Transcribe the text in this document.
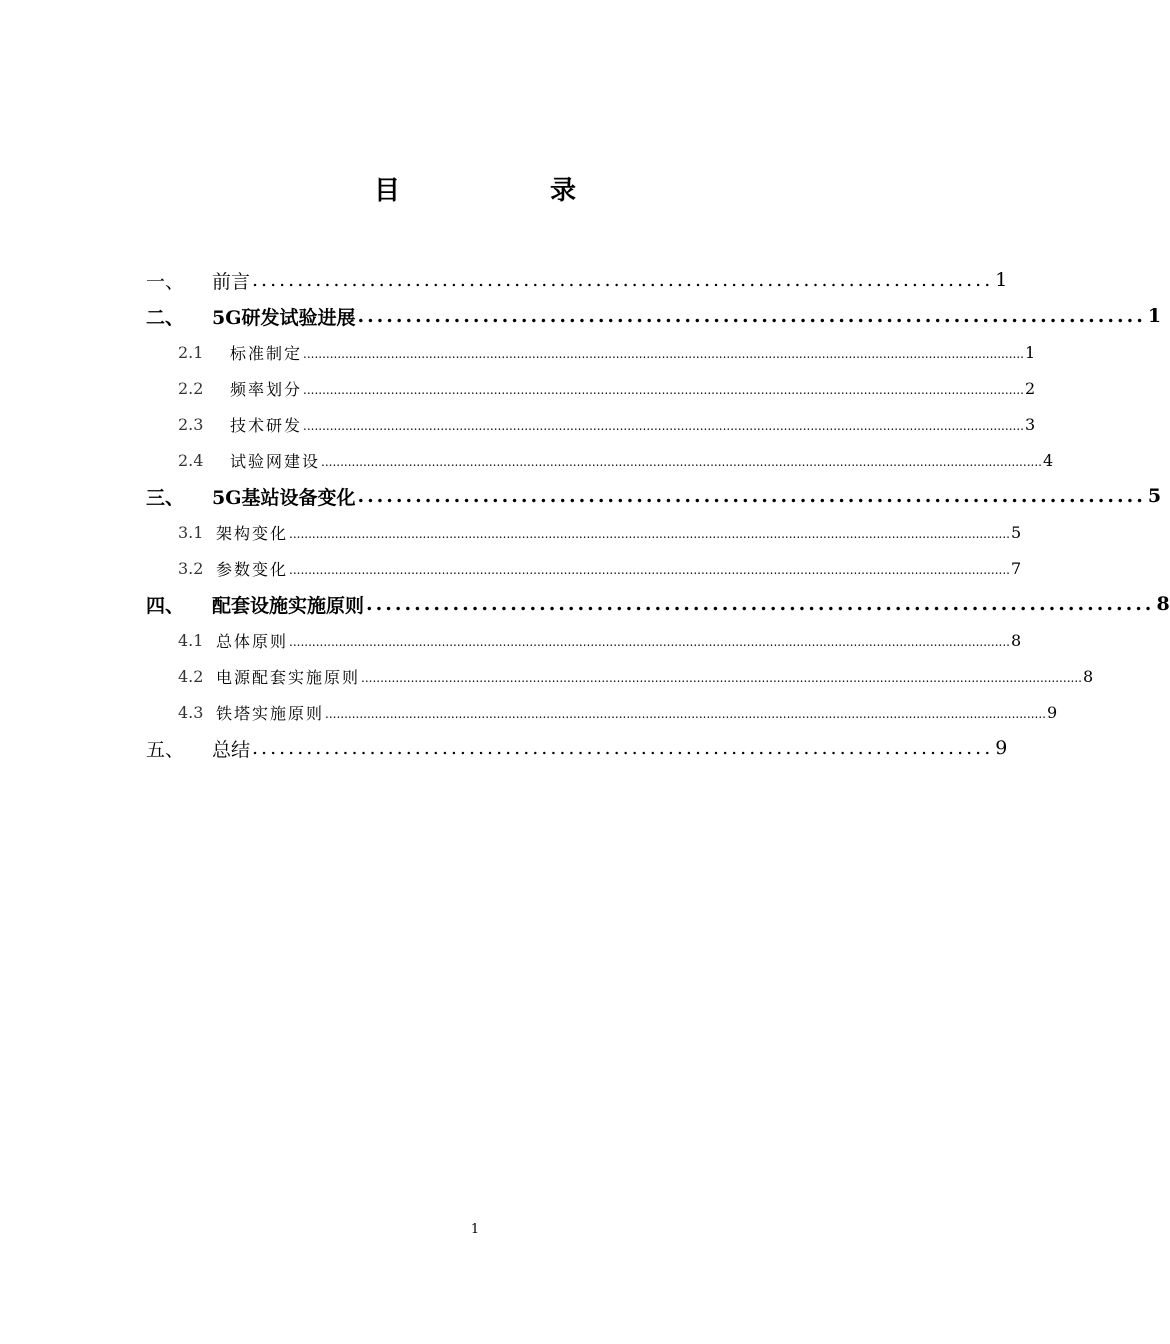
目　录
一、	前言 .................................................................................. 1
二、	5G研发试验进展 .................................................................................. 1
2.1	标准制定 ............................................................................................................................................................................................. 1
2.2	频率划分 ............................................................................................................................................................................................. 2
2.3	技术研发 ............................................................................................................................................................................................. 3
2.4	试验网建设 ............................................................................................................................................................................................. 4
三、	5G基站设备变化 .................................................................................. 5
3.1 架构变化 ............................................................................................................................................................................................. 5
3.2 参数变化 ............................................................................................................................................................................................. 7
四、	配套设施实施原则 .................................................................................. 8
4.1 总体原则 ............................................................................................................................................................................................. 8
4.2 电源配套实施原则 ............................................................................................................................................................................................. 8
4.3 铁塔实施原则 ............................................................................................................................................................................................. 9
五、	总结 .................................................................................. 9
1
